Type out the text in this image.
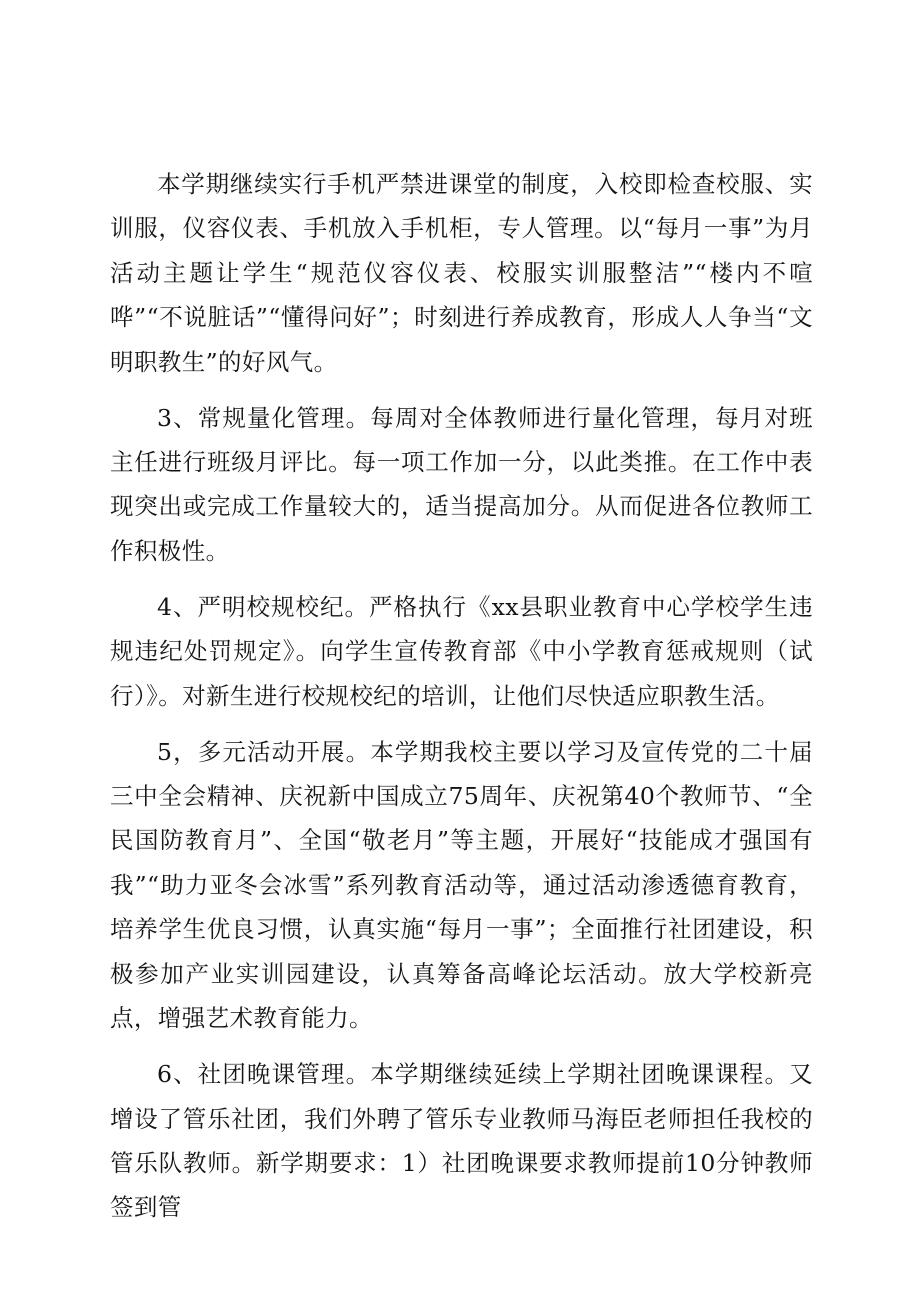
本学期继续实行手机严禁进课堂的制度，入校即检查校服、实训服，仪容仪表、手机放入手机柜，专人管理。以“每月一事”为月活动主题让学生“规范仪容仪表、校服实训服整洁”“楼内不喧哗”“不说脏话”“懂得问好”；时刻进行养成教育，形成人人争当“文明职教生”的好风气。

3、常规量化管理。每周对全体教师进行量化管理，每月对班主任进行班级月评比。每一项工作加一分，以此类推。在工作中表现突出或完成工作量较大的，适当提高加分。从而促进各位教师工作积极性。

4、严明校规校纪。严格执行《xx县职业教育中心学校学生违规违纪处罚规定》。向学生宣传教育部《中小学教育惩戒规则（试行）》。对新生进行校规校纪的培训，让他们尽快适应职教生活。

5，多元活动开展。本学期我校主要以学习及宣传党的二十届三中全会精神、庆祝新中国成立75周年、庆祝第40个教师节、“全民国防教育月”、全国“敬老月”等主题，开展好“技能成才强国有我”“助力亚冬会冰雪”系列教育活动等，通过活动渗透德育教育，培养学生优良习惯，认真实施“每月一事”；全面推行社团建设，积极参加产业实训园建设，认真筹备高峰论坛活动。放大学校新亮点，增强艺术教育能力。

6、社团晚课管理。本学期继续延续上学期社团晚课课程。又增设了管乐社团，我们外聘了管乐专业教师马海臣老师担任我校的管乐队教师。新学期要求：1）社团晚课要求教师提前10分钟教师签到管
